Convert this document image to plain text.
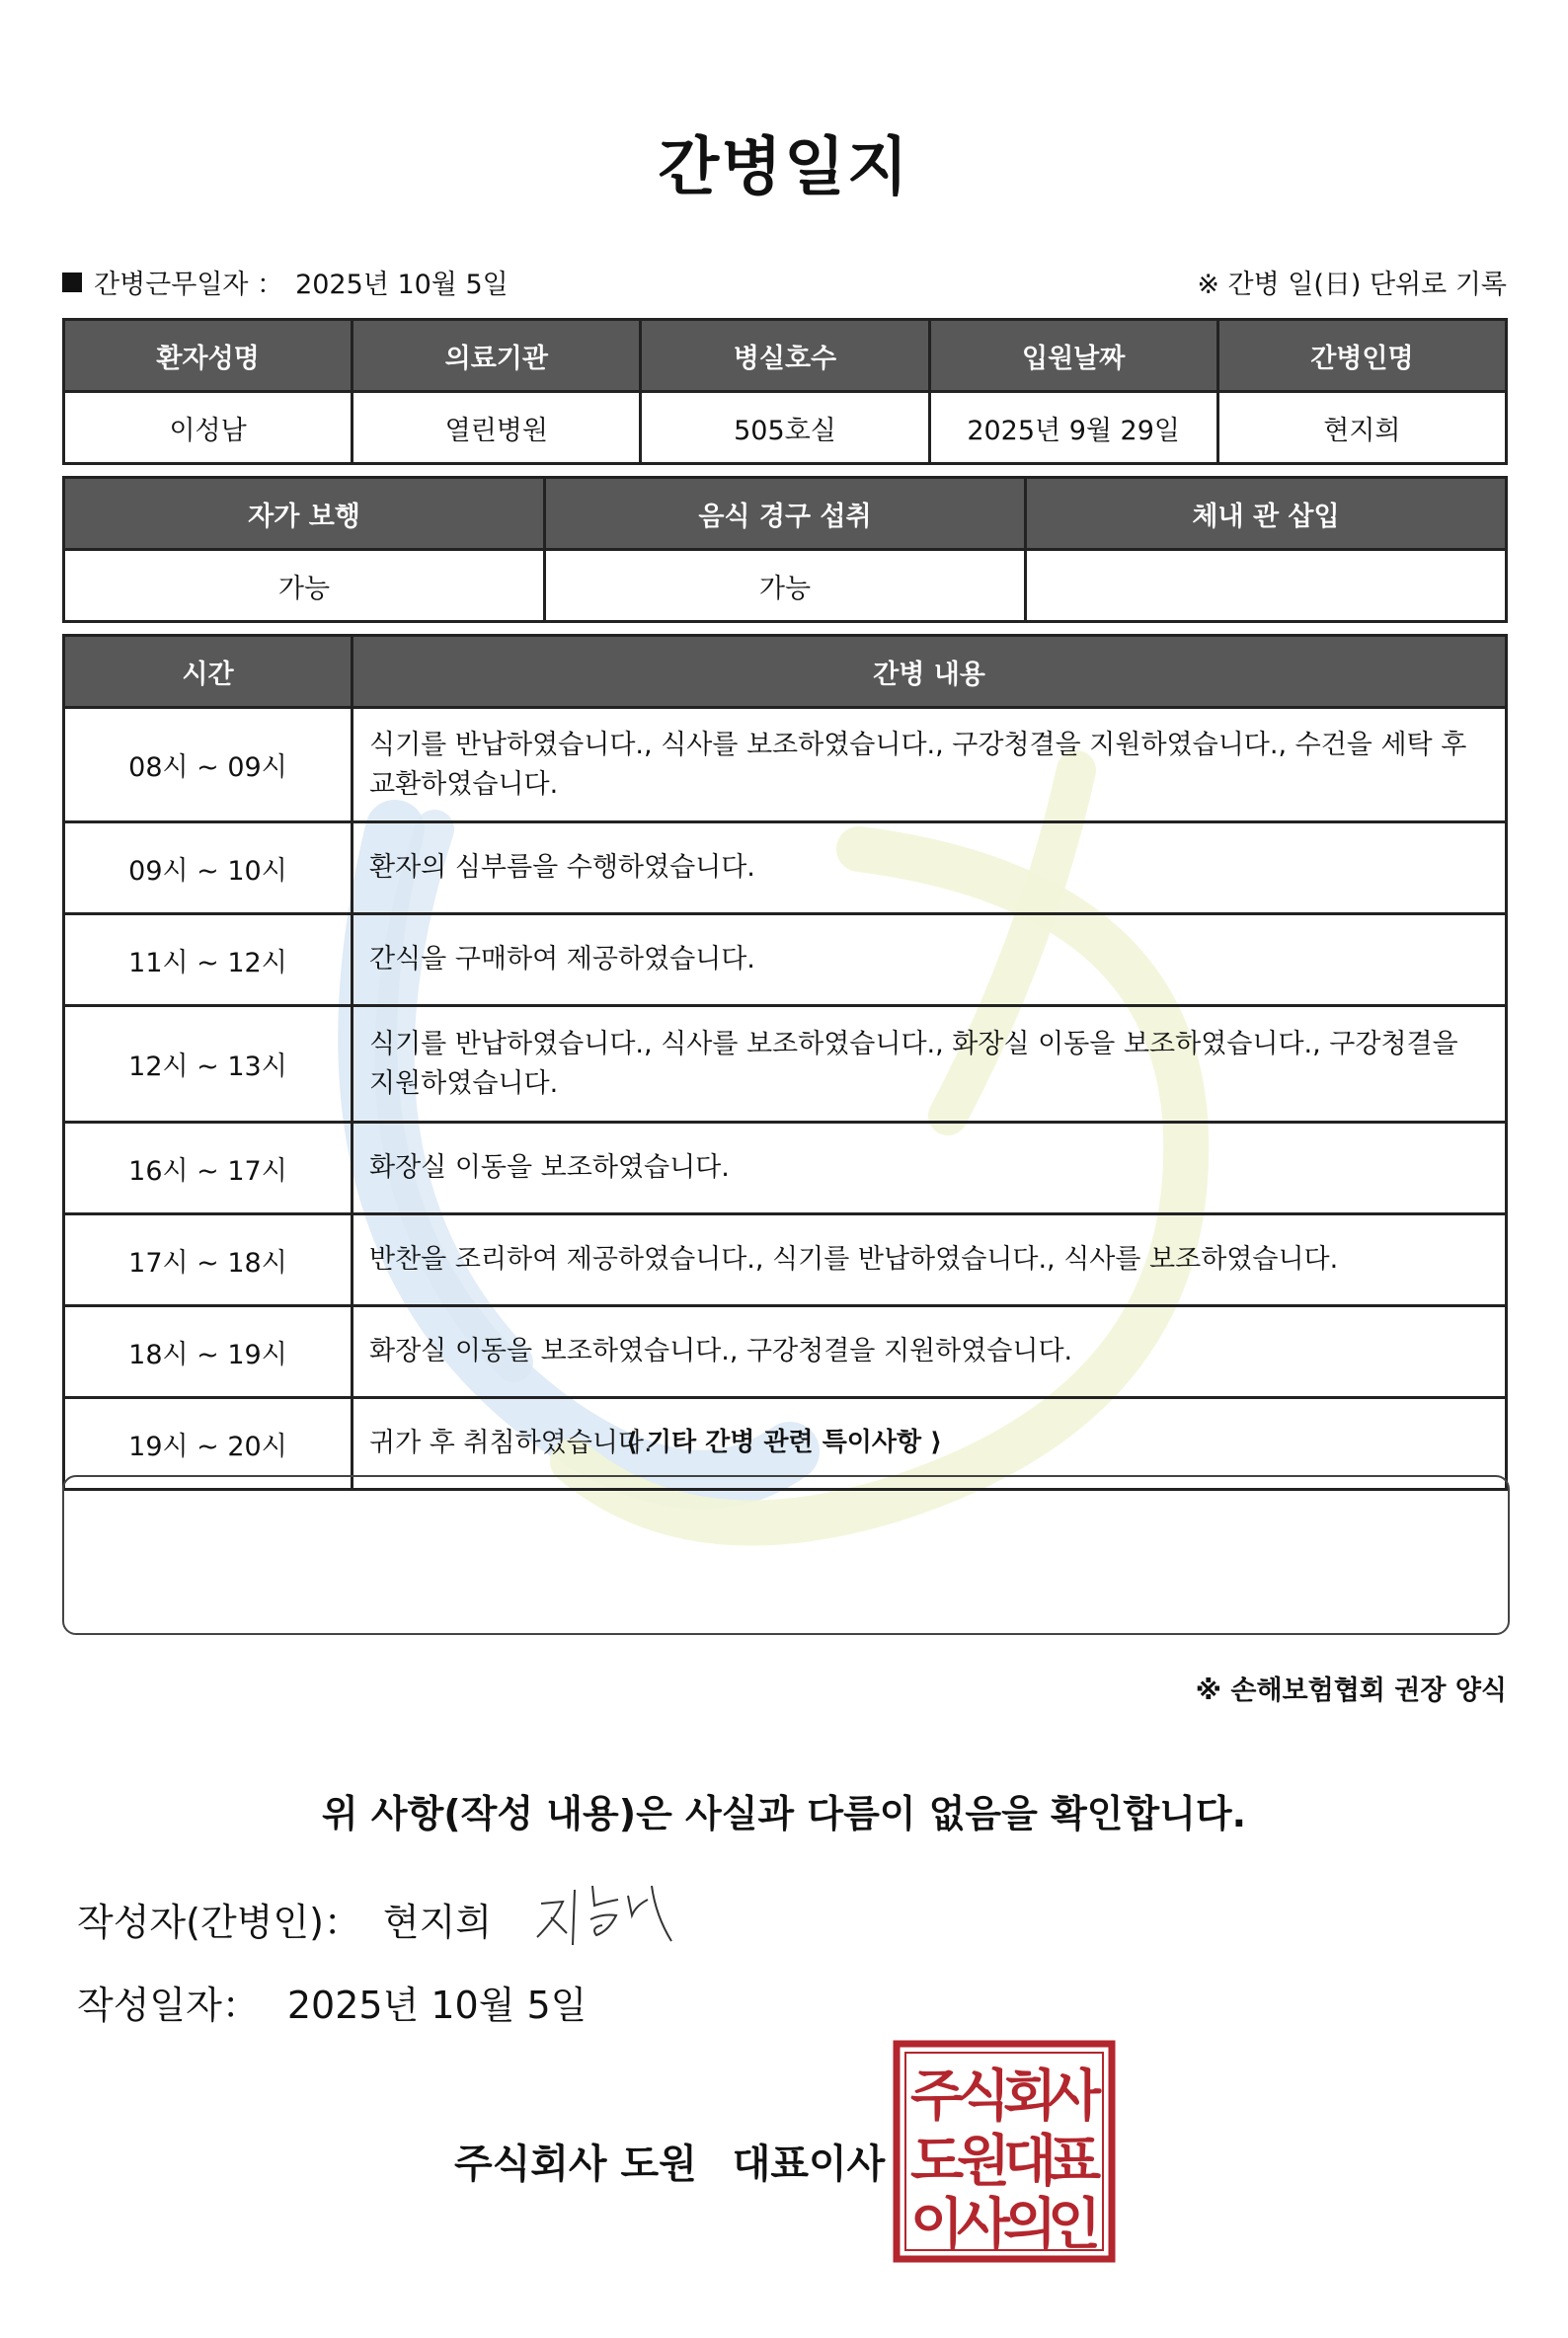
간병일지
간병근무일자 ： 2025년 10월 5일	※ 간병 일(日) 단위로 기록
환자성명	의료기관	병실호수	입원날짜	간병인명
이성남	열린병원	505호실	2025년 9월 29일	현지희
자가 보행	음식 경구 섭취	체내 관 삽입
가능	가능	
시간	간병 내용
08시 ~ 09시	식기를 반납하였습니다., 식사를 보조하였습니다., 구강청결을 지원하였습니다., 수건을 세탁 후 교환하였습니다.
09시 ~ 10시	환자의 심부름을 수행하였습니다.
11시 ~ 12시	간식을 구매하여 제공하였습니다.
12시 ~ 13시	식기를 반납하였습니다., 식사를 보조하였습니다., 화장실 이동을 보조하였습니다., 구강청결을 지원하였습니다.
16시 ~ 17시	화장실 이동을 보조하였습니다.
17시 ~ 18시	반찬을 조리하여 제공하였습니다., 식기를 반납하였습니다., 식사를 보조하였습니다.
18시 ~ 19시	화장실 이동을 보조하였습니다., 구강청결을 지원하였습니다.
19시 ~ 20시	귀가 후 취침하였습니다.
⟨ 기타 간병 관련 특이사항 ⟩
※ 손해보험협회 권장 양식
위 사항(작성 내용)은 사실과 다름이 없음을 확인합니다.
작성자(간병인)： 현지희
작성일자： 2025년 10월 5일
주식회사 도원 대표이사
주
식
회
사
도
원
대
표
이
사
의
인
